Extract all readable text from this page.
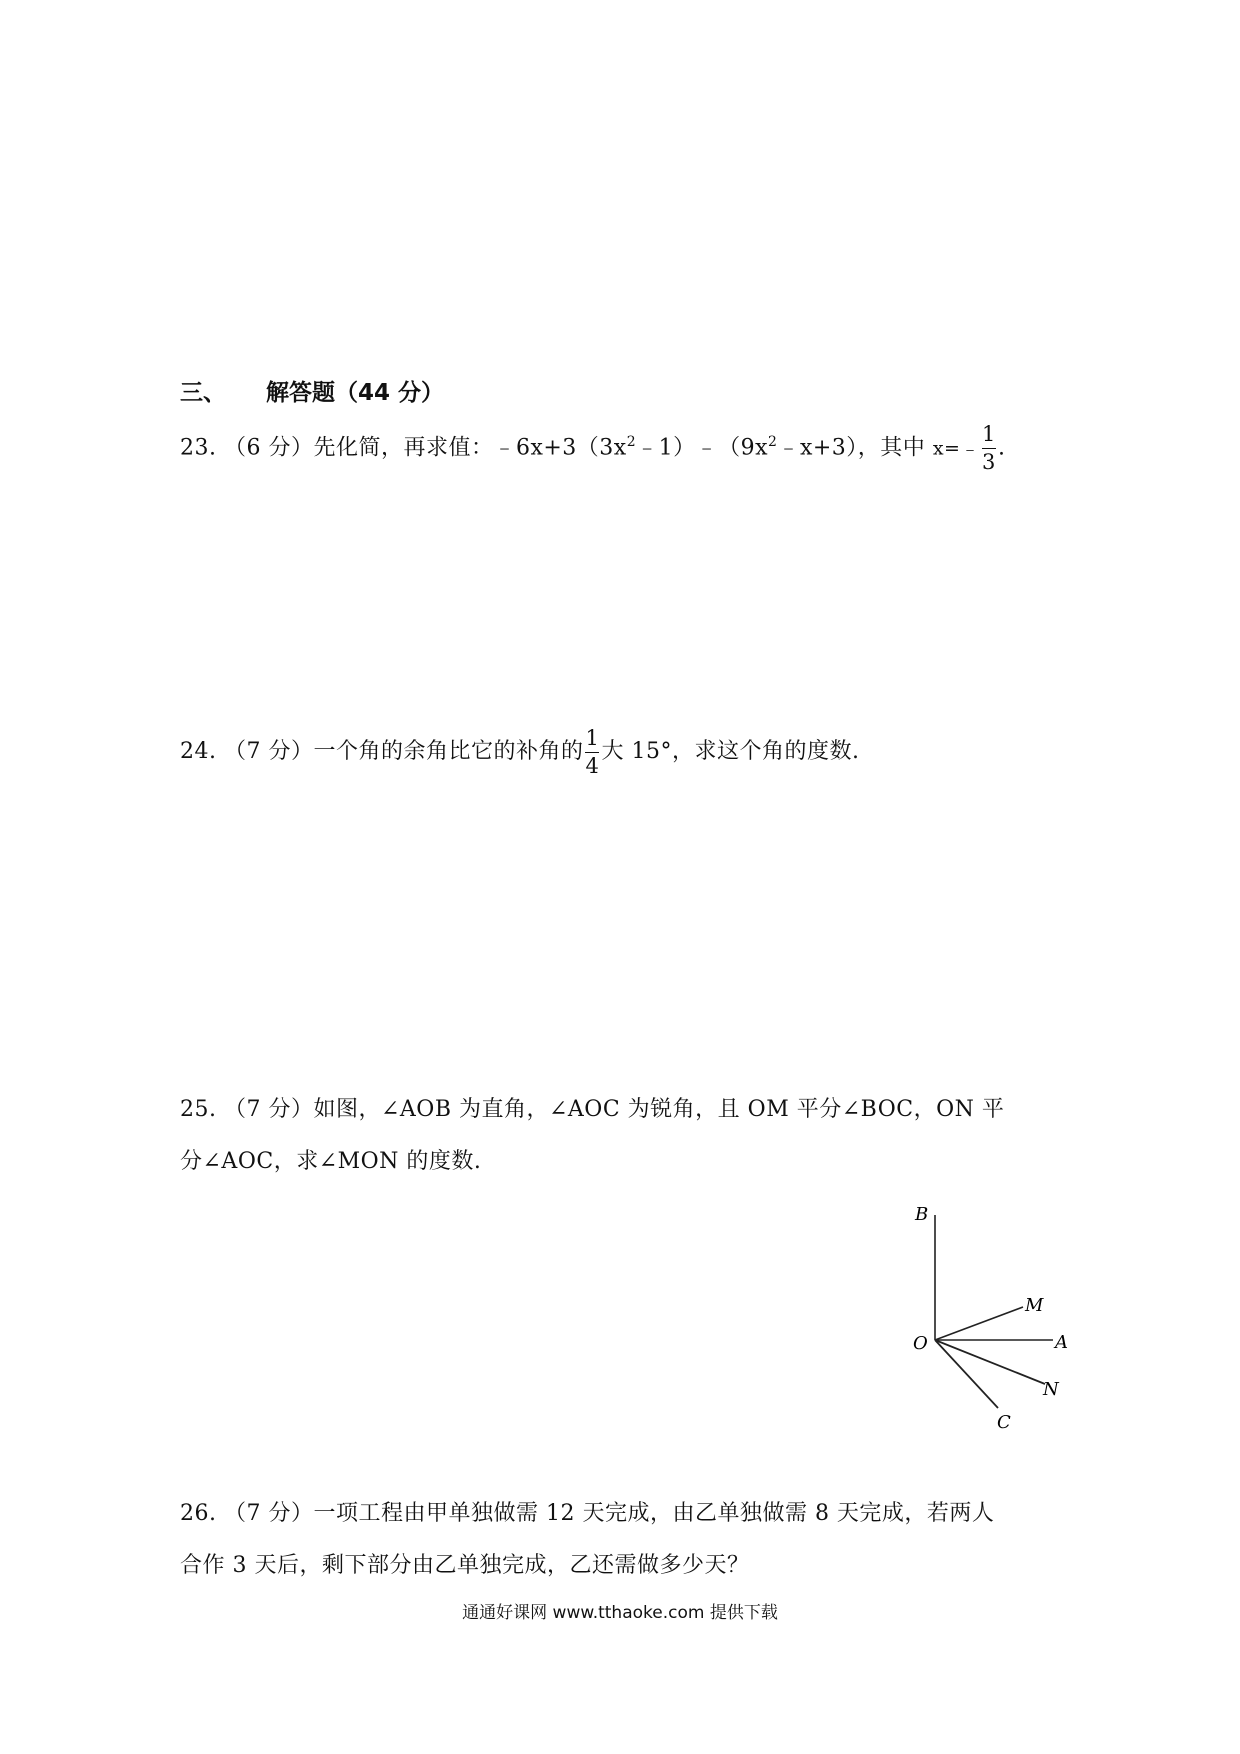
三、 解答题（44 分）
23. （6 分）先化简，再求值：$﹣6x+3(3x^2﹣1)﹣(9x^2﹣x+3)$，其中 x=﹣ $\frac{1}{3}$ .
24. （7 分）一个角的余角比它的补角的 $\frac{1}{4}$ 大 15°，求这个角的度数.
25. （7 分）如图，∠AOB 为直角，∠AOC 为锐角，且 OM 平分∠BOC，ON 平
分∠AOC，求∠MON 的度数.
B
M
O	A
N
C
26. （7 分）一项工程由甲单独做需 12 天完成，由乙单独做需 8 天完成，若两人
合作 3 天后，剩下部分由乙单独完成，乙还需做多少天？
通通好课网 www.tthaoke.com 提供下载
